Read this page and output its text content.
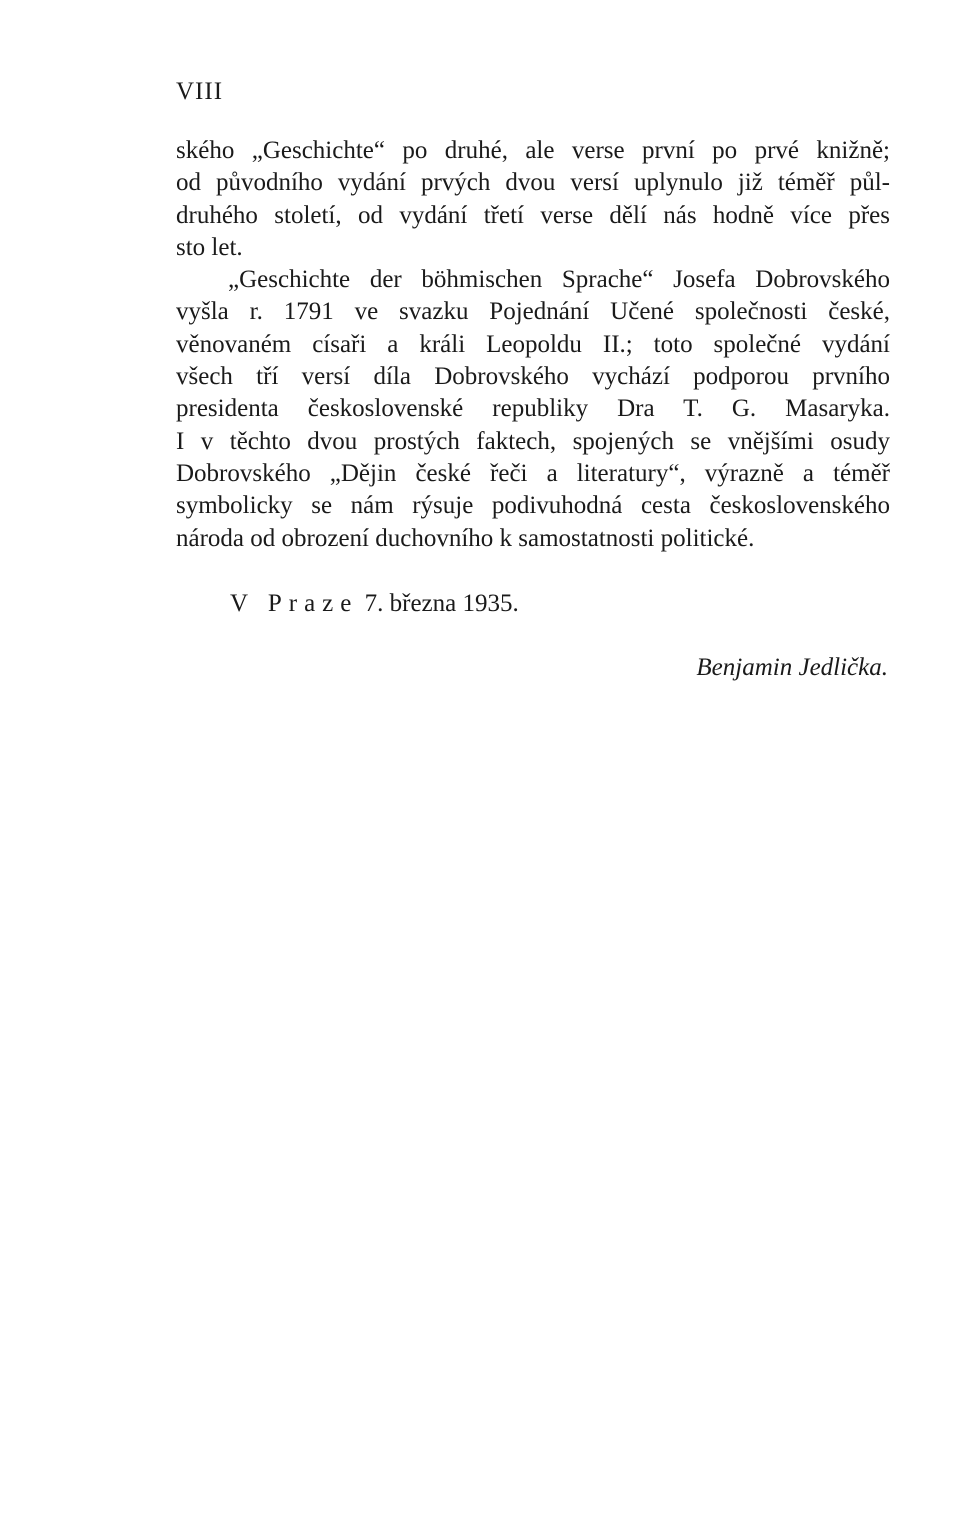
VIII
ského „Geschichte“ po druhé, ale verse první po prvé knižně;
od původního vydání prvých dvou versí uplynulo již téměř půl-
druhého století, od vydání třetí verse dělí nás hodně více přes
sto let.
„Geschichte der böhmischen Sprache“ Josefa Dobrovského
vyšla r. 1791 ve svazku Pojednání Učené společnosti české,
věnovaném císaři a králi Leopoldu II.; toto společné vydání
všech tří versí díla Dobrovského vychází podporou prvního
presidenta československé republiky Dra T. G. Masaryka.
I v těchto dvou prostých faktech, spojených se vnějšími osudy
Dobrovského „Dějin české řeči a literatury“, výrazně a téměř
symbolicky se nám rýsuje podivuhodná cesta československého
národa od obrození duchovního k samostatnosti politické.

V Praze 7. března 1935.

Benjamin Jedlička.
